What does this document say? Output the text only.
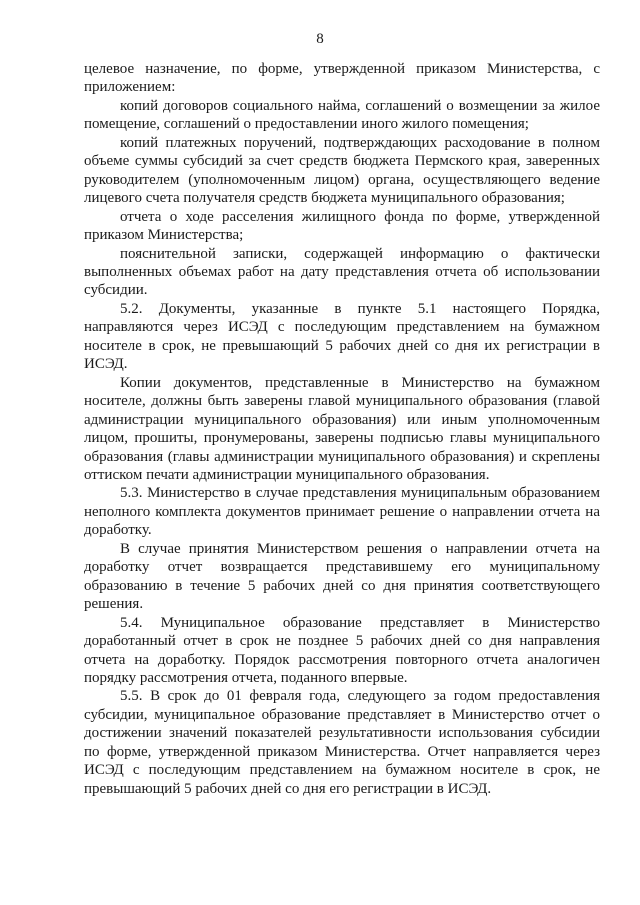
8

целевое назначение, по форме, утвержденной приказом Министерства, с приложением:

копий договоров социального найма, соглашений о возмещении за жилое помещение, соглашений о предоставлении иного жилого помещения;

копий платежных поручений, подтверждающих расходование в полном объеме суммы субсидий за счет средств бюджета Пермского края, заверенных руководителем (уполномоченным лицом) органа, осуществляющего ведение лицевого счета получателя средств бюджета муниципального образования;

отчета о ходе расселения жилищного фонда по форме, утвержденной приказом Министерства;

пояснительной записки, содержащей информацию о фактически выполненных объемах работ на дату представления отчета об использовании субсидии.

5.2. Документы, указанные в пункте 5.1 настоящего Порядка, направляются через ИСЭД с последующим представлением на бумажном носителе в срок, не превышающий 5 рабочих дней со дня их регистрации в ИСЭД.

Копии документов, представленные в Министерство на бумажном носителе, должны быть заверены главой муниципального образования (главой администрации муниципального образования) или иным уполномоченным лицом, прошиты, пронумерованы, заверены подписью главы муниципального образования (главы администрации муниципального образования) и скреплены оттиском печати администрации муниципального образования.

5.3. Министерство в случае представления муниципальным образованием неполного комплекта документов принимает решение о направлении отчета на доработку.

В случае принятия Министерством решения о направлении отчета на доработку отчет возвращается представившему его муниципальному образованию в течение 5 рабочих дней со дня принятия соответствующего решения.

5.4. Муниципальное образование представляет в Министерство доработанный отчет в срок не позднее 5 рабочих дней со дня направления отчета на доработку. Порядок рассмотрения повторного отчета аналогичен порядку рассмотрения отчета, поданного впервые.

5.5. В срок до 01 февраля года, следующего за годом предоставления субсидии, муниципальное образование представляет в Министерство отчет о достижении значений показателей результативности использования субсидии по форме, утвержденной приказом Министерства. Отчет направляется через ИСЭД с последующим представлением на бумажном носителе в срок, не превышающий 5 рабочих дней со дня его регистрации в ИСЭД.
